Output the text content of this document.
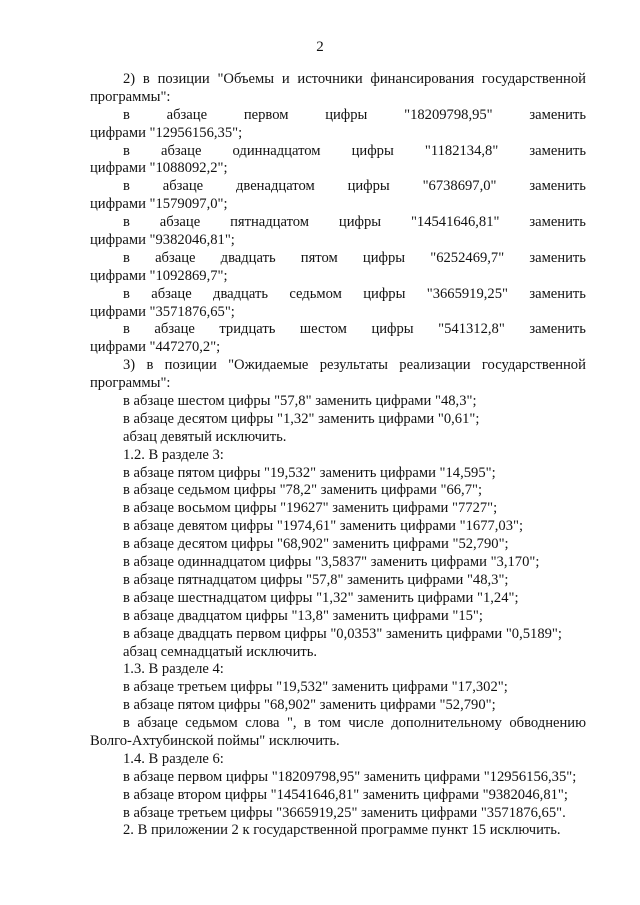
2
2) в позиции "Объемы и источники финансирования государственной
программы":
в	абзаце	первом	цифры	"18209798,95"	заменить
цифрами "12956156,35";
в абзаце одиннадцатом цифры "1182134,8" заменить
цифрами "1088092,2";
в абзаце двенадцатом цифры "6738697,0" заменить
цифрами "1579097,0";
в абзаце пятнадцатом цифры "14541646,81" заменить
цифрами "9382046,81";
в абзаце двадцать пятом цифры "6252469,7" заменить
цифрами "1092869,7";
в абзаце двадцать седьмом цифры "3665919,25" заменить
цифрами "3571876,65";
в абзаце тридцать шестом цифры "541312,8" заменить
цифрами "447270,2";
3) в позиции "Ожидаемые результаты реализации государственной
программы":
в абзаце шестом цифры "57,8" заменить цифрами "48,3";
в абзаце десятом цифры "1,32" заменить цифрами "0,61";
абзац девятый исключить.
1.2. В разделе 3:
в абзаце пятом цифры "19,532" заменить цифрами "14,595";
в абзаце седьмом цифры "78,2" заменить цифрами "66,7";
в абзаце восьмом цифры "19627" заменить цифрами "7727";
в абзаце девятом цифры "1974,61" заменить цифрами "1677,03";
в абзаце десятом цифры "68,902" заменить цифрами "52,790";
в абзаце одиннадцатом цифры "3,5837" заменить цифрами "3,170";
в абзаце пятнадцатом цифры "57,8" заменить цифрами "48,3";
в абзаце шестнадцатом цифры "1,32" заменить цифрами "1,24";
в абзаце двадцатом цифры "13,8" заменить цифрами "15";
в абзаце двадцать первом цифры "0,0353" заменить цифрами "0,5189";
абзац семнадцатый исключить.
1.3. В разделе 4:
в абзаце третьем цифры "19,532" заменить цифрами "17,302";
в абзаце пятом цифры "68,902" заменить цифрами "52,790";
в абзаце седьмом слова ", в том числе дополнительному обводнению
Волго-Ахтубинской поймы" исключить.
1.4. В разделе 6:
в абзаце первом цифры "18209798,95" заменить цифрами "12956156,35";
в абзаце втором цифры "14541646,81" заменить цифрами "9382046,81";
в абзаце третьем цифры "3665919,25" заменить цифрами "3571876,65".
2. В приложении 2 к государственной программе пункт 15 исключить.
